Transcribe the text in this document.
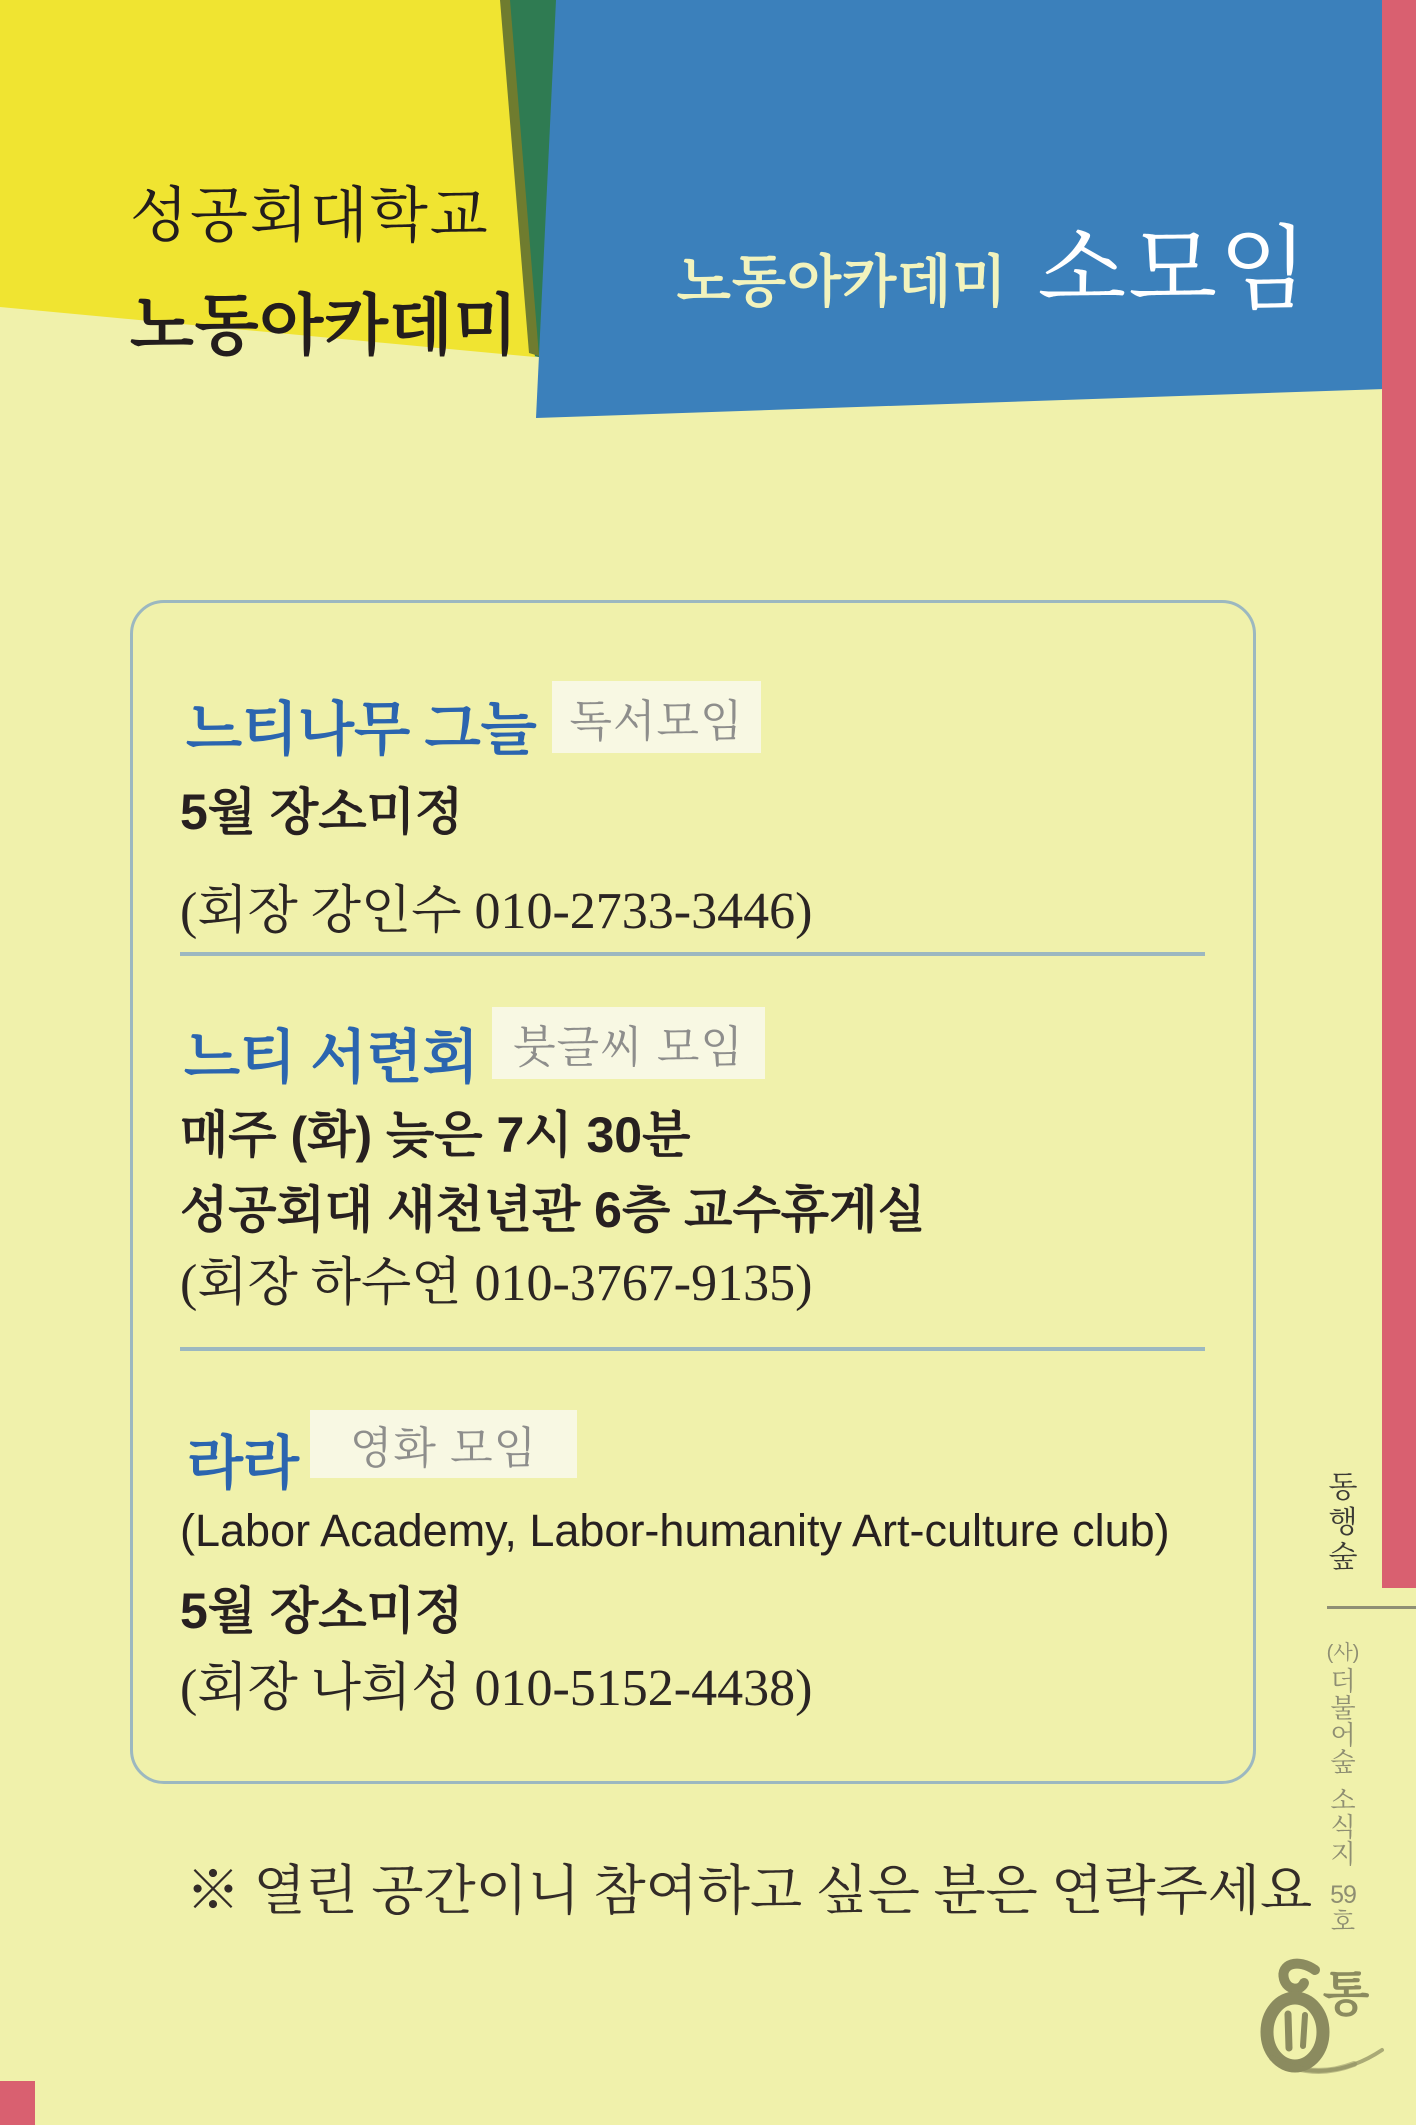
성공회대학교
노동아카데미
노동아카데미 소모임
느티나무 그늘 독서모임
5월 장소미정
(회장 강인수 010-2733-3446)
느티 서련회 붓글씨 모임
매주 (화) 늦은 7시 30분
성공회대 새천년관 6층 교수휴게실
(회장 하수연 010-3767-9135)
라라	영화 모임
(Labor Academy, Labor-humanity Art-culture club)
5월 장소미정
(회장 나희성 010-5152-4438)
※ 열린 공간이니 참여하고 싶은 분은 연락주세요
동
행
숲
(사)
더
불
어
숲
소
식
지
59
호
통
